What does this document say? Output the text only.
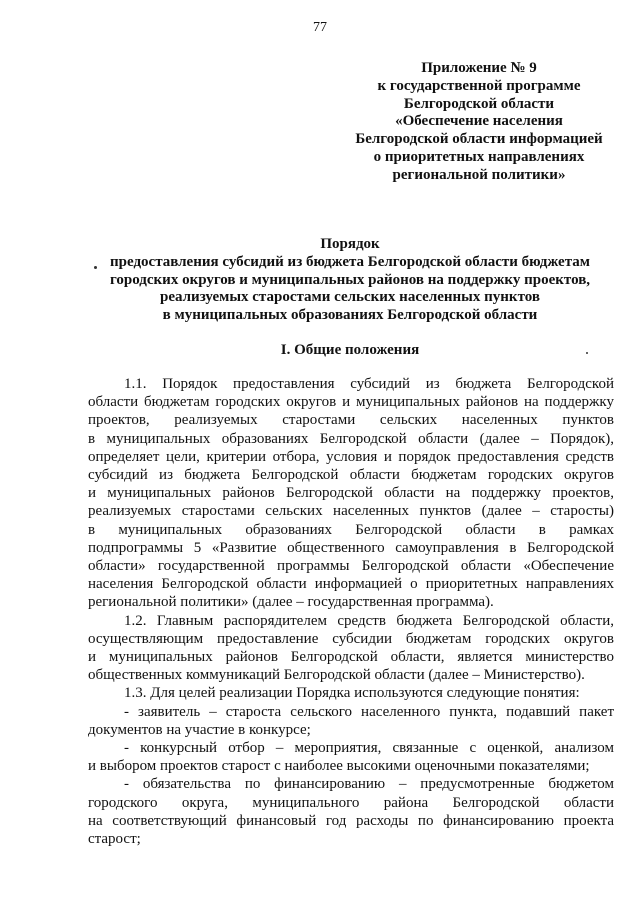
77
Приложение № 9
к государственной программе
Белгородской области
«Обеспечение населения
Белгородской области информацией
о приоритетных направлениях
региональной политики»
Порядок
предоставления субсидий из бюджета Белгородской области бюджетам
городских округов и муниципальных районов на поддержку проектов,
реализуемых старостами сельских населенных пунктов
в муниципальных образованиях Белгородской области
I. Общие положения
1.1. Порядок предоставления субсидий из бюджета Белгородской
области бюджетам городских округов и муниципальных районов на поддержку
проектов, реализуемых старостами сельских населенных пунктов
в муниципальных образованиях Белгородской области (далее – Порядок),
определяет цели, критерии отбора, условия и порядок предоставления средств
субсидий из бюджета Белгородской области бюджетам городских округов
и муниципальных районов Белгородской области на поддержку проектов,
реализуемых старостами сельских населенных пунктов (далее – старосты)
в муниципальных образованиях Белгородской области в рамках
подпрограммы 5 «Развитие общественного самоуправления в Белгородской
области» государственной программы Белгородской области «Обеспечение
населения Белгородской области информацией о приоритетных направлениях
региональной политики» (далее – государственная программа).
1.2. Главным распорядителем средств бюджета Белгородской области,
осуществляющим предоставление субсидии бюджетам городских округов
и муниципальных районов Белгородской области, является министерство
общественных коммуникаций Белгородской области (далее – Министерство).
1.3. Для целей реализации Порядка используются следующие понятия:
- заявитель – староста сельского населенного пункта, подавший пакет
документов на участие в конкурсе;
- конкурсный отбор – мероприятия, связанные с оценкой, анализом
и выбором проектов старост с наиболее высокими оценочными показателями;
- обязательства по финансированию – предусмотренные бюджетом
городского округа, муниципального района Белгородской области
на соответствующий финансовый год расходы по финансированию проекта
старост;
